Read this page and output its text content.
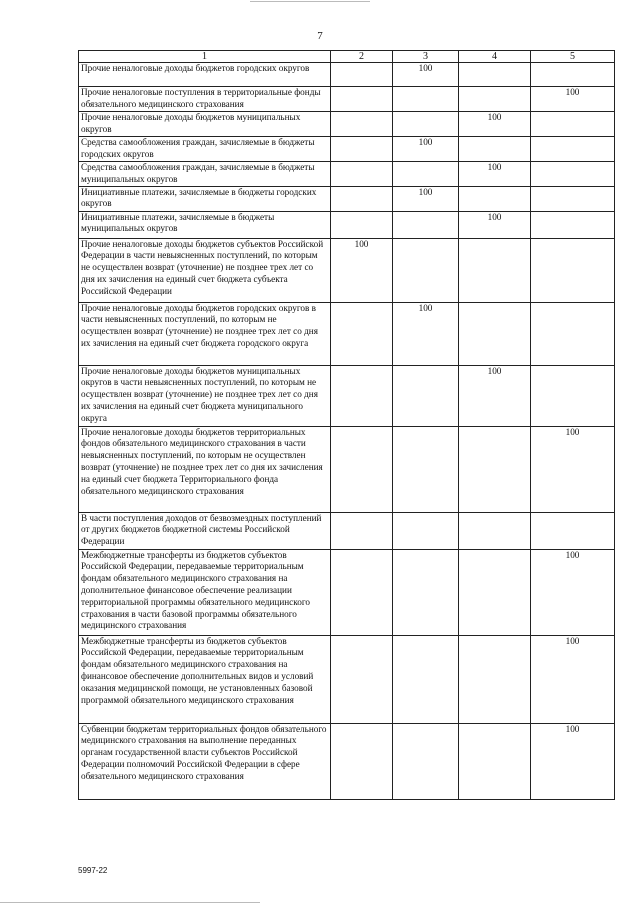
7
1	2	3	4	5
Прочие неналоговые доходы бюджетов городских округов		100		
Прочие неналоговые поступления в территориальные фонды обязательного медицинского страхования				100
Прочие неналоговые доходы бюджетов муниципальных округов			100	
Средства самообложения граждан, зачисляемые в бюджеты городских округов		100		
Средства самообложения граждан, зачисляемые в бюджеты муниципальных округов			100	
Инициативные платежи, зачисляемые в бюджеты городских округов		100		
Инициативные платежи, зачисляемые в бюджеты муниципальных округов			100	
Прочие неналоговые доходы бюджетов субъектов Российской Федерации в части невыясненных поступлений, по которым не осуществлен возврат (уточнение) не позднее трех лет со дня их зачисления на единый счет бюджета субъекта Российской Федерации	100			
Прочие неналоговые доходы бюджетов городских округов в части невыясненных поступлений, по которым не осуществлен возврат (уточнение) не позднее трех лет со дня их зачисления на единый счет бюджета городского округа		100		
Прочие неналоговые доходы бюджетов муниципальных округов в части невыясненных поступлений, по которым не осуществлен возврат (уточнение) не позднее трех лет со дня их зачисления на единый счет бюджета муниципального округа			100	
Прочие неналоговые доходы бюджетов территориальных фондов обязательного медицинского страхования в части невыясненных поступлений, по которым не осуществлен возврат (уточнение) не позднее трех лет со дня их зачисления на единый счет бюджета Территориального фонда обязательного медицинского страхования				100
В части поступления доходов от безвозмездных поступлений от других бюджетов бюджетной системы Российской Федерации				
Межбюджетные трансферты из бюджетов субъектов Российской Федерации, передаваемые территориальным фондам обязательного медицинского страхования на дополнительное финансовое обеспечение реализации территориальной программы обязательного медицинского страхования в части базовой программы обязательного медицинского страхования				100
Межбюджетные трансферты из бюджетов субъектов Российской Федерации, передаваемые территориальным фондам обязательного медицинского страхования на финансовое обеспечение дополнительных видов и условий оказания медицинской помощи, не установленных базовой программой обязательного медицинского страхования				100
Субвенции бюджетам территориальных фондов обязательного медицинского страхования на выполнение переданных органам государственной власти субъектов Российской Федерации полномочий Российской Федерации в сфере обязательного медицинского страхования				100
5997-22
